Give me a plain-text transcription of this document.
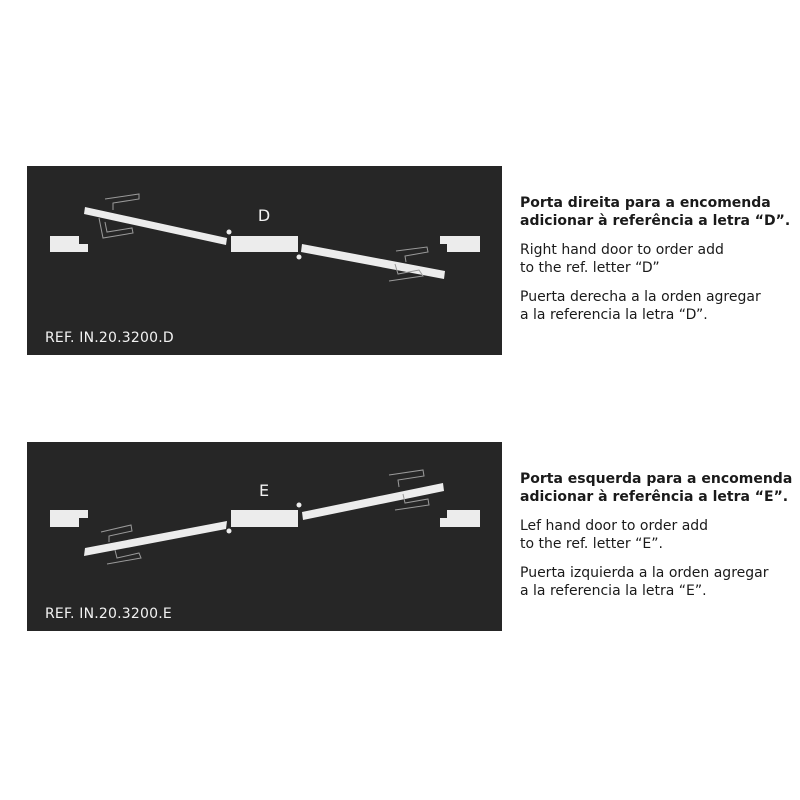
D
REF. IN.20.3200.D

Porta direita para a encomenda
adicionar à referência a letra “D”.

Right hand door to order add
to the ref. letter “D”

Puerta derecha a la orden agregar
a la referencia la letra “D”.

E
REF. IN.20.3200.E

Porta esquerda para a encomenda
adicionar à referência a letra “E”.

Lef hand door to order add
to the ref. letter “E”.

Puerta izquierda a la orden agregar
a la referencia la letra “E”.
